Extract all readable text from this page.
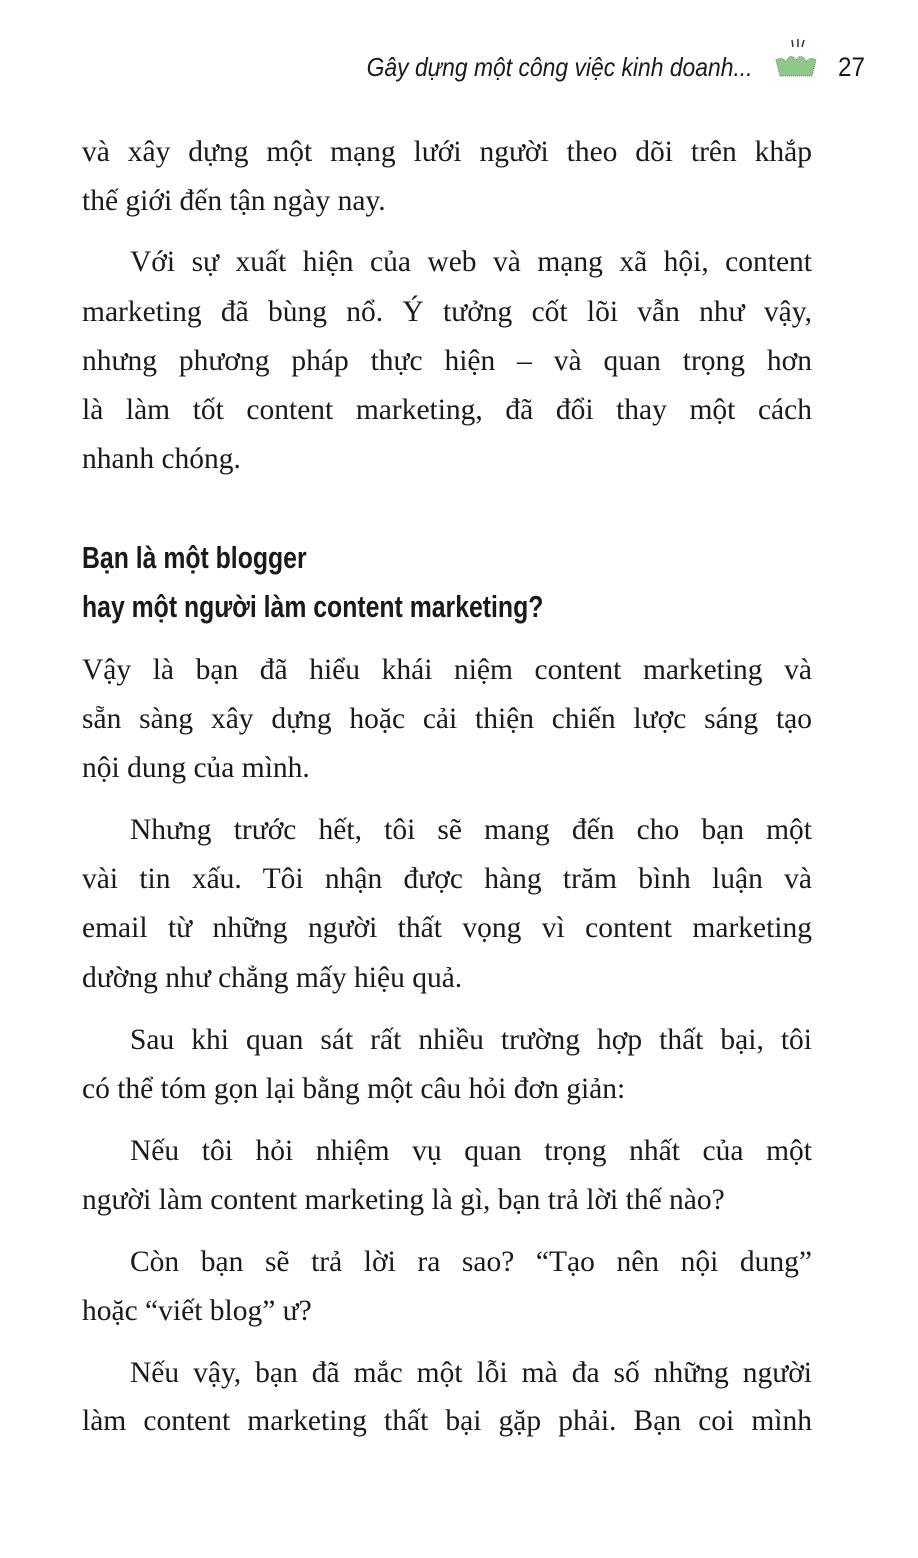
Gây dựng một công việc kinh doanh...	27
và xây dựng một mạng lưới người theo dõi trên khắp
thế giới đến tận ngày nay.
Với sự xuất hiện của web và mạng xã hội, content
marketing đã bùng nổ. Ý tưởng cốt lõi vẫn như vậy,
nhưng phương pháp thực hiện – và quan trọng hơn
là làm tốt content marketing, đã đổi thay một cách
nhanh chóng.
Bạn là một blogger
hay một người làm content marketing?
Vậy là bạn đã hiểu khái niệm content marketing và
sẵn sàng xây dựng hoặc cải thiện chiến lược sáng tạo
nội dung của mình.
Nhưng trước hết, tôi sẽ mang đến cho bạn một
vài tin xấu. Tôi nhận được hàng trăm bình luận và
email từ những người thất vọng vì content marketing
dường như chẳng mấy hiệu quả.
Sau khi quan sát rất nhiều trường hợp thất bại, tôi
có thể tóm gọn lại bằng một câu hỏi đơn giản:
Nếu tôi hỏi nhiệm vụ quan trọng nhất của một
người làm content marketing là gì, bạn trả lời thế nào?
Còn bạn sẽ trả lời ra sao? “Tạo nên nội dung”
hoặc “viết blog” ư?
Nếu vậy, bạn đã mắc một lỗi mà đa số những người
làm content marketing thất bại gặp phải. Bạn coi mình
